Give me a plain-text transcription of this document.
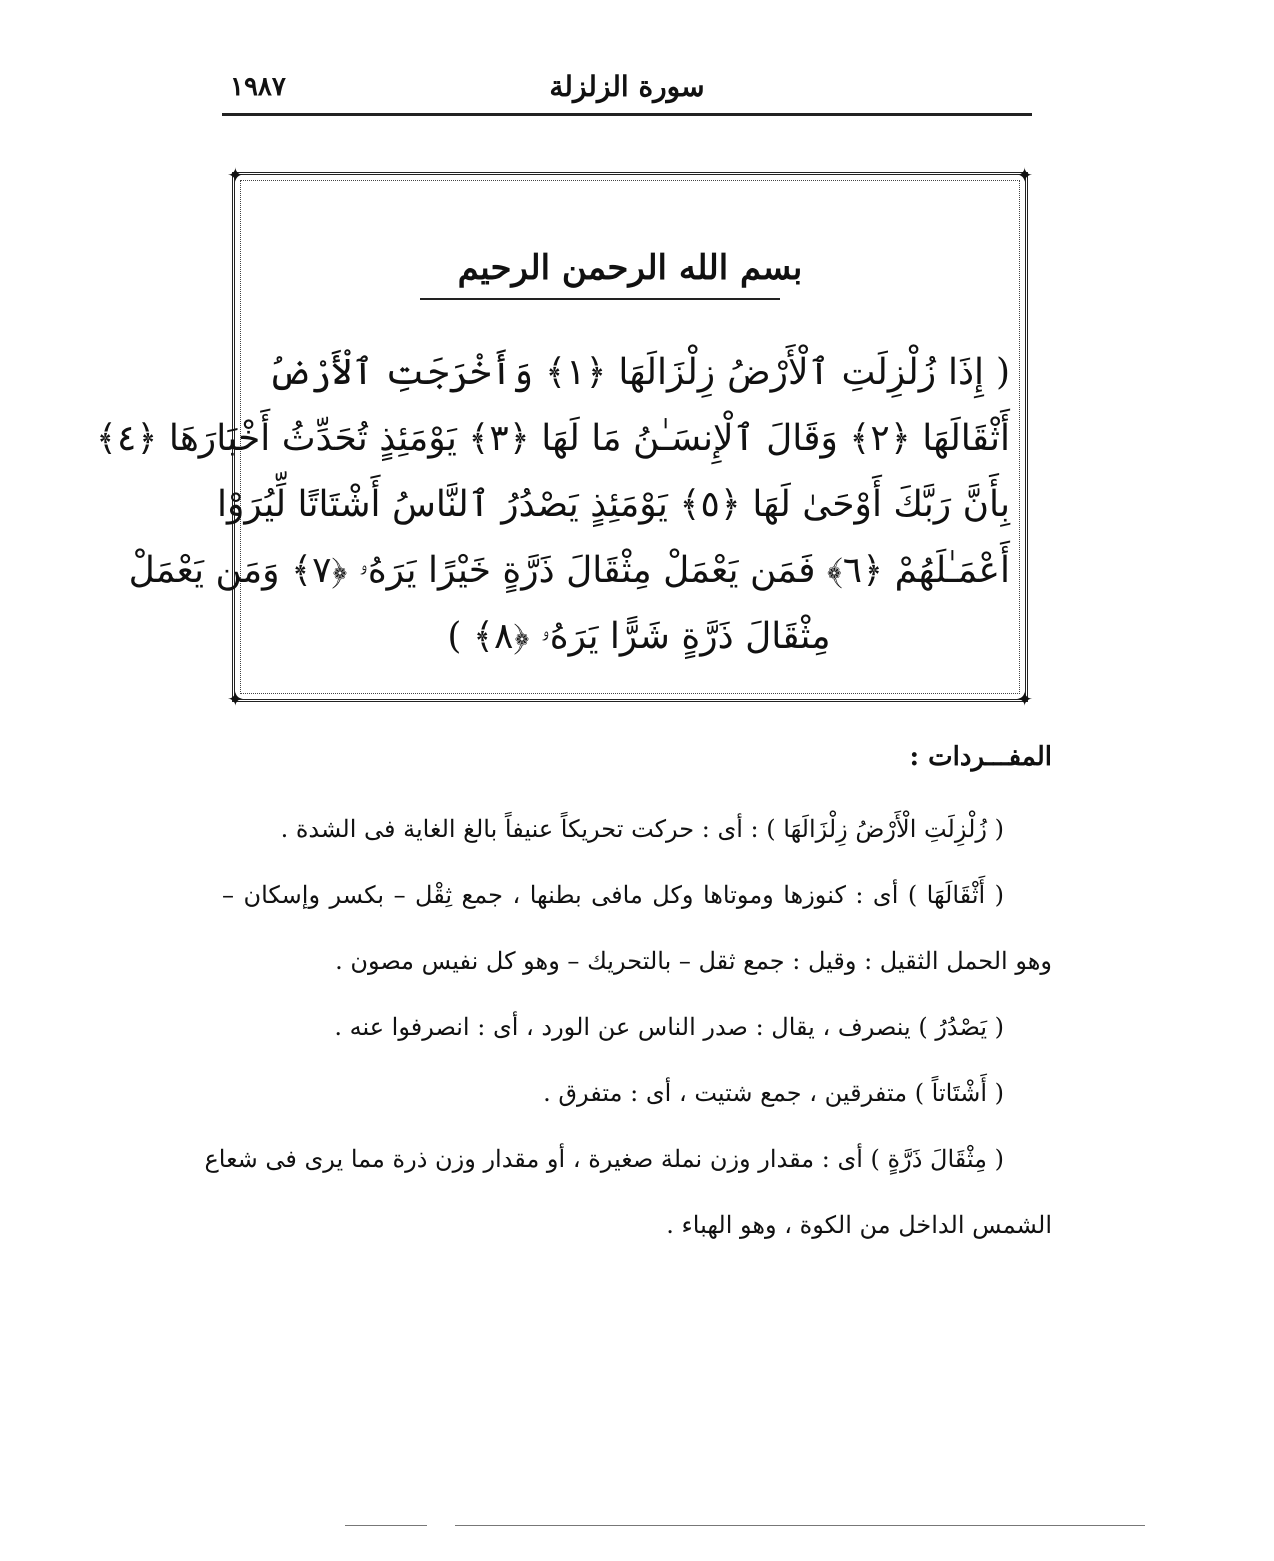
١٩٨٧	سورة الزلزلة
✦	✦
✦	✦
بسم الله الرحمن الرحيم
( إِذَا زُلْزِلَتِ ٱلْأَرْضُ زِلْزَالَهَا ﴿١﴾ وَأَخْرَجَتِ ٱلْأَرْضُ
أَثْقَالَهَا ﴿٢﴾ وَقَالَ ٱلْإِنسَـٰنُ مَا لَهَا ﴿٣﴾ يَوْمَئِذٍ تُحَدِّثُ أَخْبَارَهَا ﴿٤﴾
بِأَنَّ رَبَّكَ أَوْحَىٰ لَهَا ﴿٥﴾ يَوْمَئِذٍ يَصْدُرُ ٱلنَّاسُ أَشْتَاتًا لِّيُرَوْا
أَعْمَـٰلَهُمْ ﴿٦﴾ فَمَن يَعْمَلْ مِثْقَالَ ذَرَّةٍ خَيْرًا يَرَهُۥ ﴿٧﴾ وَمَن يَعْمَلْ
مِثْقَالَ ذَرَّةٍ شَرًّا يَرَهُۥ ﴿٨﴾ )
المفـــردات :
( زُلْزِلَتِ الْأَرْضُ زِلْزَالَهَا ) : أى : حركت تحريكاً عنيفاً بالغ الغاية فى الشدة .
( أَثْقَالَهَا ) أى : كنوزها وموتاها وكل مافى بطنها ، جمع ثِقْل – بكسر وإسكان –
وهو الحمل الثقيل : وقيل : جمع ثقل – بالتحريك – وهو كل نفيس مصون .
( يَصْدُرُ ) ينصرف ، يقال : صدر الناس عن الورد ، أى : انصرفوا عنه .
( أَشْتَاتاً ) متفرقين ، جمع شتيت ، أى : متفرق .
( مِثْقَالَ ذَرَّةٍ ) أى : مقدار وزن نملة صغيرة ، أو مقدار وزن ذرة مما يرى فى شعاع
الشمس الداخل من الكوة ، وهو الهباء .
